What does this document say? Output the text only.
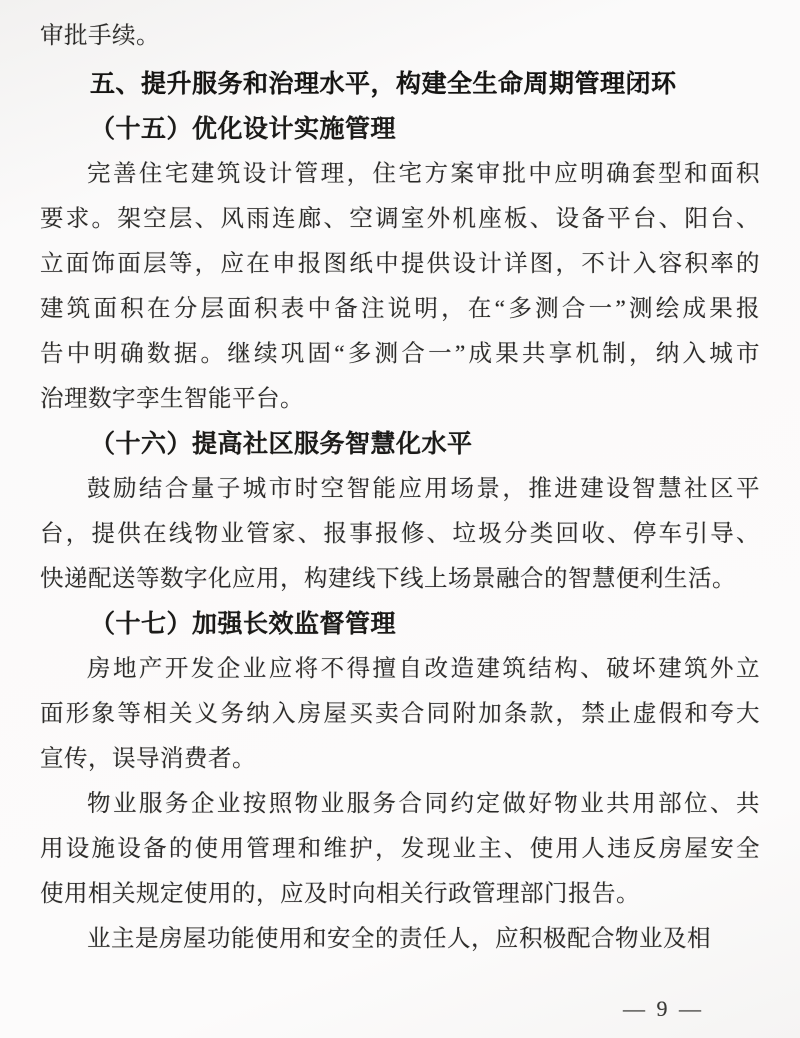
审批手续。
五、提升服务和治理水平，构建全生命周期管理闭环
（十五）优化设计实施管理
完善住宅建筑设计管理，住宅方案审批中应明确套型和面积
要求。架空层、风雨连廊、空调室外机座板、设备平台、阳台、
立面饰面层等，应在申报图纸中提供设计详图，不计入容积率的
建筑面积在分层面积表中备注说明，在“多测合一”测绘成果报
告中明确数据。继续巩固“多测合一”成果共享机制，纳入城市
治理数字孪生智能平台。
（十六）提高社区服务智慧化水平
鼓励结合量子城市时空智能应用场景，推进建设智慧社区平
台，提供在线物业管家、报事报修、垃圾分类回收、停车引导、
快递配送等数字化应用，构建线下线上场景融合的智慧便利生活。
（十七）加强长效监督管理
房地产开发企业应将不得擅自改造建筑结构、破坏建筑外立
面形象等相关义务纳入房屋买卖合同附加条款，禁止虚假和夸大
宣传，误导消费者。
物业服务企业按照物业服务合同约定做好物业共用部位、共
用设施设备的使用管理和维护，发现业主、使用人违反房屋安全
使用相关规定使用的，应及时向相关行政管理部门报告。
业主是房屋功能使用和安全的责任人，应积极配合物业及相
— 9 —
